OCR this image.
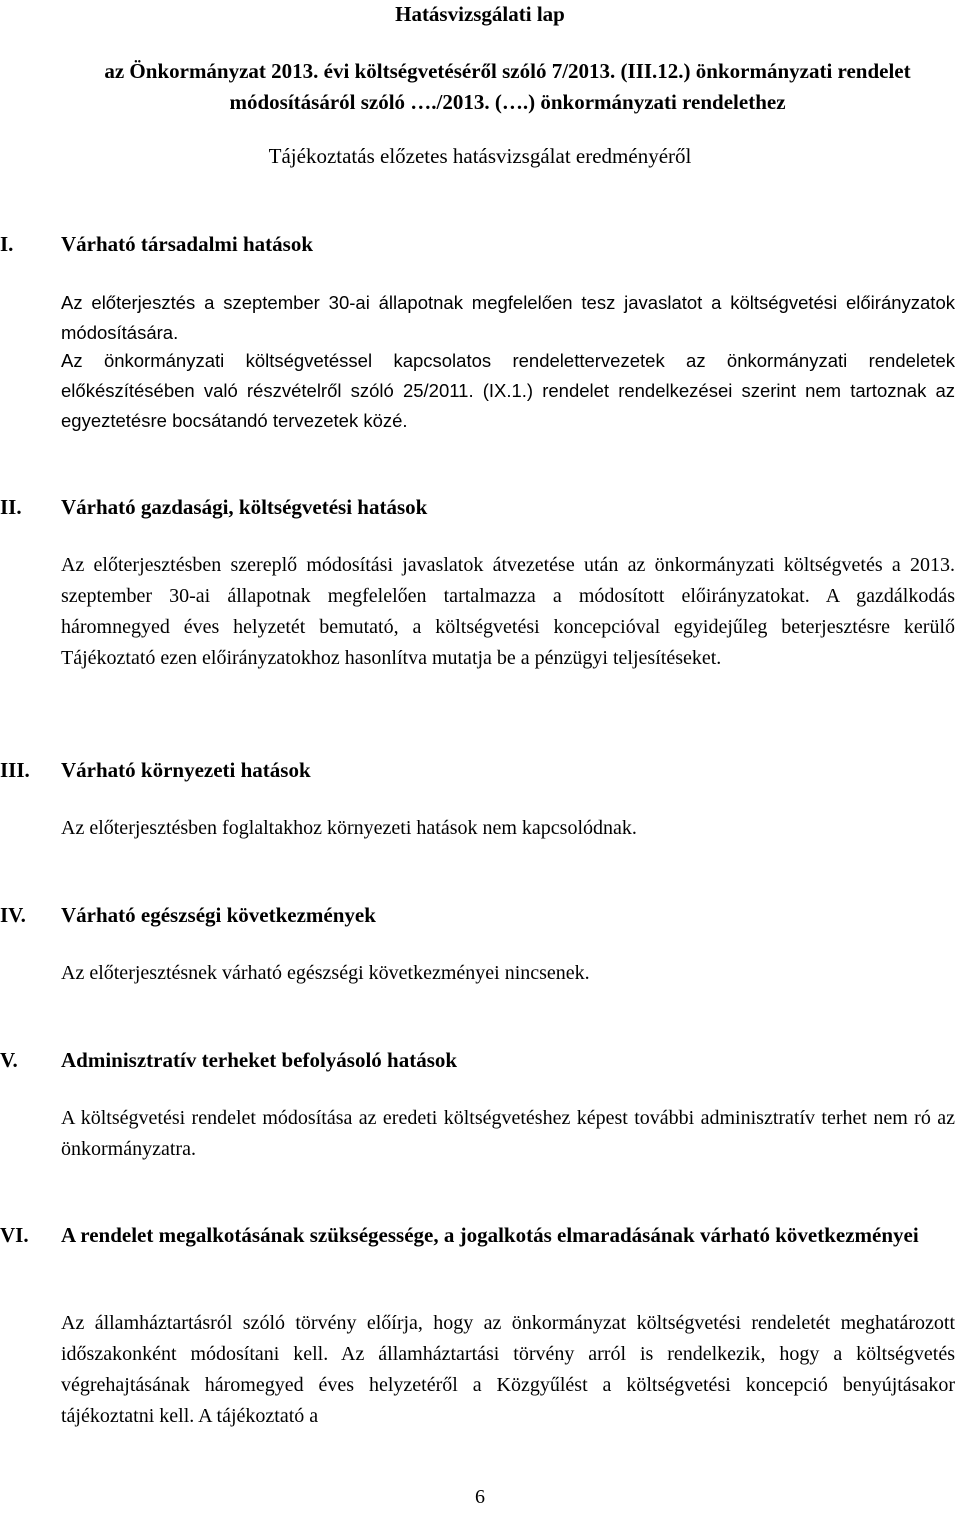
Hatásvizsgálati lap

az Önkormányzat 2013. évi költségvetéséről szóló 7/2013. (III.12.) önkormányzati rendelet módosításáról szóló …./2013. (….) önkormányzati rendelethez

Tájékoztatás előzetes hatásvizsgálat eredményéről

I. Várható társadalmi hatások

Az előterjesztés a szeptember 30-ai állapotnak megfelelően tesz javaslatot a költségvetési előirányzatok módosítására.

Az önkormányzati költségvetéssel kapcsolatos rendelettervezetek az önkormányzati rendeletek előkészítésében való részvételről szóló 25/2011. (IX.1.) rendelet rendelkezései szerint nem tartoznak az egyeztetésre bocsátandó tervezetek közé.

II. Várható gazdasági, költségvetési hatások

Az előterjesztésben szereplő módosítási javaslatok átvezetése után az önkormányzati költségvetés a 2013. szeptember 30-ai állapotnak megfelelően tartalmazza a módosított előirányzatokat. A gazdálkodás háromnegyed éves helyzetét bemutató, a költségvetési koncepcióval egyidejűleg beterjesztésre kerülő Tájékoztató ezen előirányzatokhoz hasonlítva mutatja be a pénzügyi teljesítéseket.

III. Várható környezeti hatások

Az előterjesztésben foglaltakhoz környezeti hatások nem kapcsolódnak.

IV. Várható egészségi következmények

Az előterjesztésnek várható egészségi következményei nincsenek.

V. Adminisztratív terheket befolyásoló hatások

A költségvetési rendelet módosítása az eredeti költségvetéshez képest további adminisztratív terhet nem ró az önkormányzatra.

VI. A rendelet megalkotásának szükségessége, a jogalkotás elmaradásának várható következményei

Az államháztartásról szóló törvény előírja, hogy az önkormányzat költségvetési rendeletét meghatározott időszakonként módosítani kell. Az államháztartási törvény arról is rendelkezik, hogy a költségvetés végrehajtásának háromegyed éves helyzetéről a Közgyűlést a költségvetési koncepció benyújtásakor tájékoztatni kell. A tájékoztató a

6
